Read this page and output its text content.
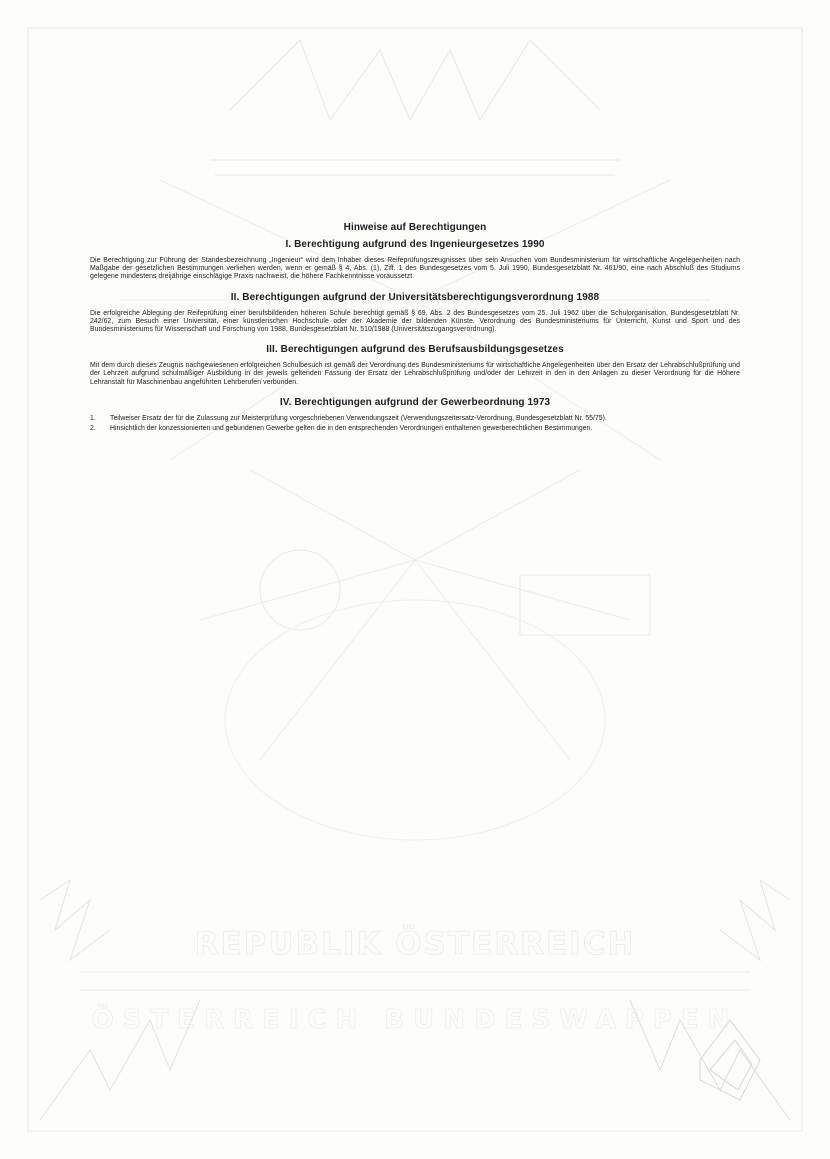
Hinweise auf Berechtigungen
I. Berechtigung aufgrund des Ingenieurgesetzes 1990

Die Berechtigung zur Führung der Standesbezeichnung „Ingenieur“ wird dem Inhaber dieses Reifeprüfungszeugnisses über sein Ansuchen vom Bundesministerium für wirtschaftliche Angelegenheiten nach Maßgabe der gesetzlichen Bestimmungen verliehen werden, wenn er gemäß § 4, Abs. (1), Ziff. 1 des Bundesgesetzes vom 5. Juli 1990, Bundesgesetzblatt Nr. 461/90, eine nach Abschluß des Studiums gelegene mindestens dreijährige einschlägige Praxis nachweist, die höhere Fachkenntnisse voraussetzt.

II. Berechtigungen aufgrund der Universitätsberechtigungsverordnung 1988

Die erfolgreiche Ablegung der Reifeprüfung einer berufsbildenden höheren Schule berechtigt gemäß § 69, Abs. 2 des Bundesgesetzes vom 25. Juli 1962 über die Schulorganisation, Bundesgesetzblatt Nr. 242/62, zum Besuch einer Universität, einer künstlerischen Hochschule oder der Akademie der bildenden Künste. Verordnung des Bundesministeriums für Unterricht, Kunst und Sport und des Bundesministeriums für Wissenschaft und Forschung von 1988, Bundesgesetzblatt Nr. 510/1988 (Universitätszugangsverordnung).

III. Berechtigungen aufgrund des Berufsausbildungsgesetzes

Mit dem durch dieses Zeugnis nachgewiesenen erfolgreichen Schulbesuch ist gemäß der Verordnung des Bundesministeriums für wirtschaftliche Angelegenheiten über den Ersatz der Lehrabschlußprüfung und der Lehrzeit aufgrund schulmäßiger Ausbildung in der jeweils geltenden Fassung der Ersatz der Lehrabschlußprüfung und/oder der Lehrzeit in den in den Anlagen zu dieser Verordnung für die Höhere Lehranstalt für Maschinenbau angeführten Lehrberufen verbunden.

IV. Berechtigungen aufgrund der Gewerbeordnung 1973
1.	Teilweiser Ersatz der für die Zulassung zur Meisterprüfung vorgeschriebenen Verwendungszeit (Verwendungszeitersatz-Verordnung, Bundesgesetzblatt Nr. 55/75).
2.	Hinsichtlich der konzessionierten und gebundenen Gewerbe gelten die in den entsprechenden Verordnungen enthaltenen gewerberechtlichen Bestimmungen.
REPUBLIK ÖSTERREICH
ÖSTERREICH BUNDESWAPPEN
